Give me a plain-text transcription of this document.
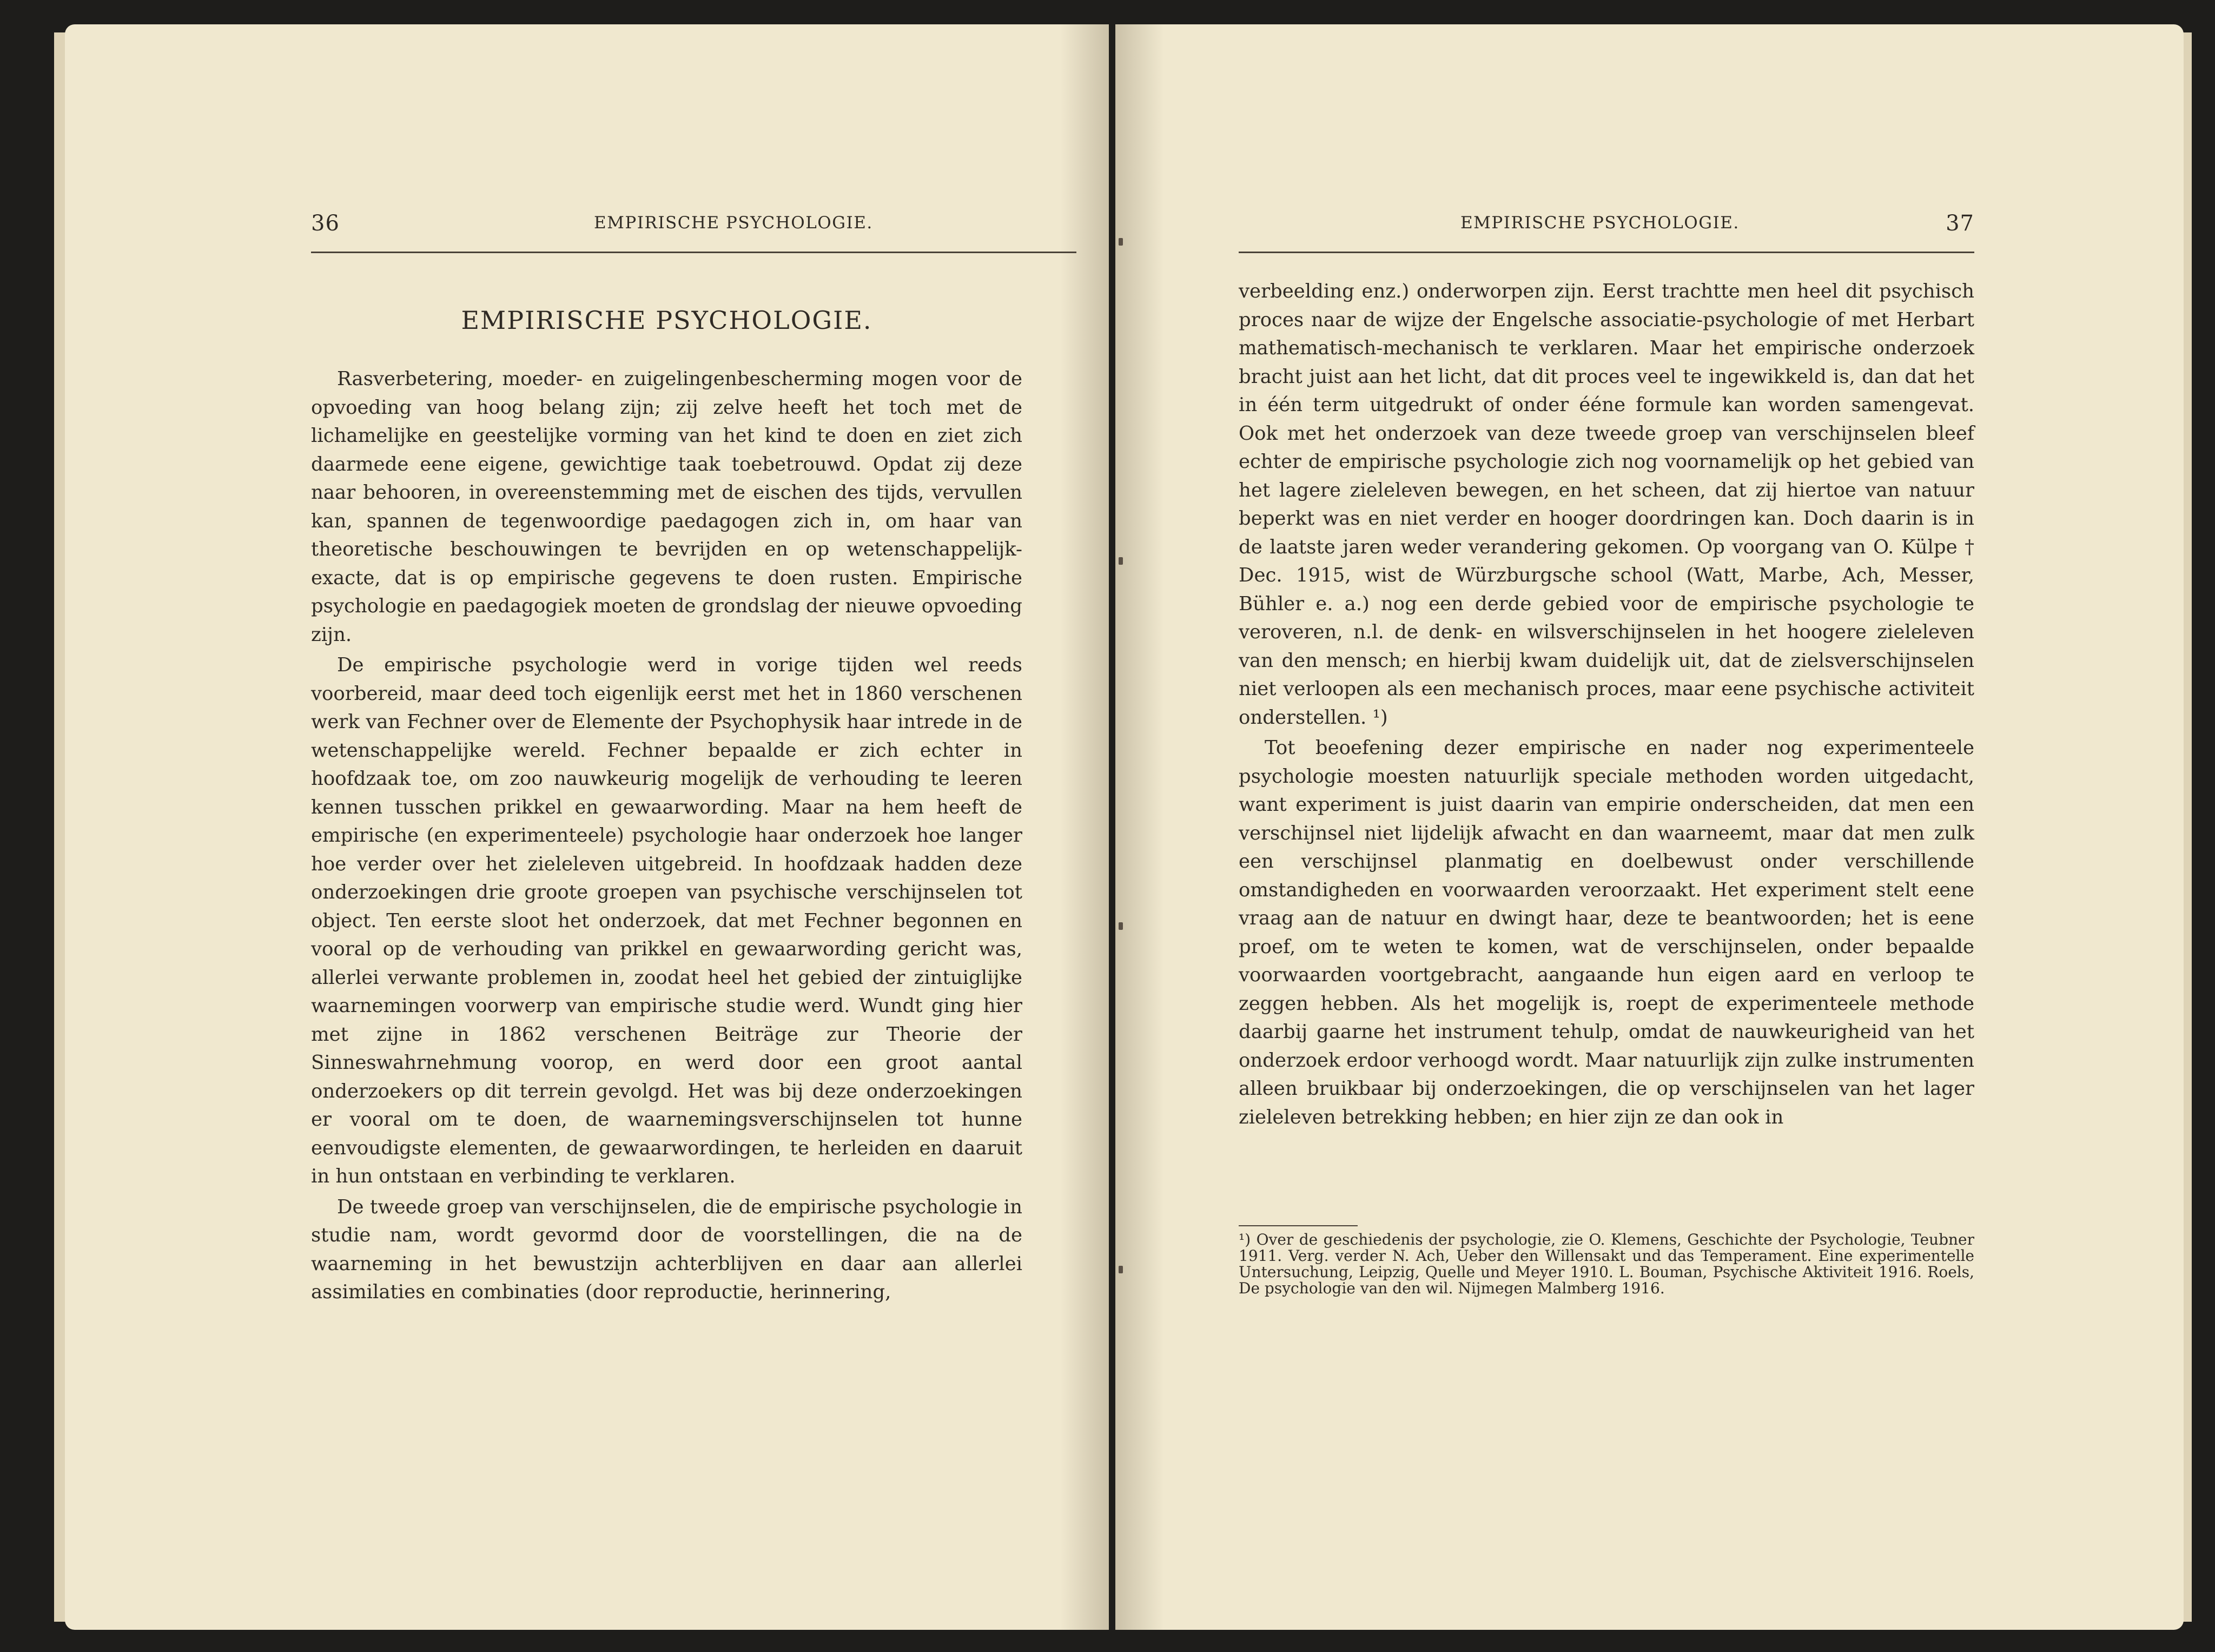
36	EMPIRISCHE PSYCHOLOGIE.
EMPIRISCHE PSYCHOLOGIE.

Rasverbetering, moeder- en zuigelingenbescherming mogen voor de opvoeding van hoog belang zijn; zij zelve heeft het toch met de lichamelijke en geestelijke vorming van het kind te doen en ziet zich daarmede eene eigene, gewichtige taak toebetrouwd. Opdat zij deze naar behooren, in overeenstemming met de eischen des tijds, vervullen kan, spannen de tegenwoordige paedagogen zich in, om haar van theoretische beschouwingen te bevrijden en op wetenschappelijk-exacte, dat is op empirische gegevens te doen rusten. Empirische psychologie en paedagogiek moeten de grondslag der nieuwe opvoeding zijn.

De empirische psychologie werd in vorige tijden wel reeds voorbereid, maar deed toch eigenlijk eerst met het in 1860 verschenen werk van Fechner over de Elemente der Psychophysik haar intrede in de wetenschappelijke wereld. Fechner bepaalde er zich echter in hoofdzaak toe, om zoo nauwkeurig mogelijk de verhouding te leeren kennen tusschen prikkel en gewaarwording. Maar na hem heeft de empirische (en experimenteele) psychologie haar onderzoek hoe langer hoe verder over het zieleleven uitgebreid. In hoofdzaak hadden deze onderzoekingen drie groote groepen van psychische verschijnselen tot object. Ten eerste sloot het onderzoek, dat met Fechner begonnen en vooral op de verhouding van prikkel en gewaarwording gericht was, allerlei verwante problemen in, zoodat heel het gebied der zintuiglijke waarnemingen voorwerp van empirische studie werd. Wundt ging hier met zijne in 1862 verschenen Beiträge zur Theorie der Sinneswahrnehmung voorop, en werd door een groot aantal onderzoekers op dit terrein gevolgd. Het was bij deze onderzoekingen er vooral om te doen, de waarnemingsverschijnselen tot hunne eenvoudigste elementen, de gewaarwordingen, te herleiden en daaruit in hun ontstaan en verbinding te verklaren.

De tweede groep van verschijnselen, die de empirische psychologie in studie nam, wordt gevormd door de voorstellingen, die na de waarneming in het bewustzijn achterblijven en daar aan allerlei assimilaties en combinaties (door reproductie, herinnering,

EMPIRISCHE PSYCHOLOGIE.	37

verbeelding enz.) onderworpen zijn. Eerst trachtte men heel dit psychisch proces naar de wijze der Engelsche associatie-psychologie of met Herbart mathematisch-mechanisch te verklaren. Maar het empirische onderzoek bracht juist aan het licht, dat dit proces veel te ingewikkeld is, dan dat het in één term uitgedrukt of onder ééne formule kan worden samengevat. Ook met het onderzoek van deze tweede groep van verschijnselen bleef echter de empirische psychologie zich nog voornamelijk op het gebied van het lagere zieleleven bewegen, en het scheen, dat zij hiertoe van natuur beperkt was en niet verder en hooger doordringen kan. Doch daarin is in de laatste jaren weder verandering gekomen. Op voorgang van O. Külpe † Dec. 1915, wist de Würzburgsche school (Watt, Marbe, Ach, Messer, Bühler e. a.) nog een derde gebied voor de empirische psychologie te veroveren, n.l. de denk- en wilsverschijnselen in het hoogere zieleleven van den mensch; en hierbij kwam duidelijk uit, dat de zielsverschijnselen niet verloopen als een mechanisch proces, maar eene psychische activiteit onderstellen. ¹)

Tot beoefening dezer empirische en nader nog experimenteele psychologie moesten natuurlijk speciale methoden worden uitgedacht, want experiment is juist daarin van empirie onderscheiden, dat men een verschijnsel niet lijdelijk afwacht en dan waarneemt, maar dat men zulk een verschijnsel planmatig en doelbewust onder verschillende omstandigheden en voorwaarden veroorzaakt. Het experiment stelt eene vraag aan de natuur en dwingt haar, deze te beantwoorden; het is eene proef, om te weten te komen, wat de verschijnselen, onder bepaalde voorwaarden voortgebracht, aangaande hun eigen aard en verloop te zeggen hebben. Als het mogelijk is, roept de experimenteele methode daarbij gaarne het instrument tehulp, omdat de nauwkeurigheid van het onderzoek erdoor verhoogd wordt. Maar natuurlijk zijn zulke instrumenten alleen bruikbaar bij onderzoekingen, die op verschijnselen van het lager zieleleven betrekking hebben; en hier zijn ze dan ook in

¹) Over de geschiedenis der psychologie, zie O. Klemens, Geschichte der Psychologie, Teubner 1911. Verg. verder N. Ach, Ueber den Willensakt und das Temperament. Eine experimentelle Untersuchung, Leipzig, Quelle und Meyer 1910. L. Bouman, Psychische Aktiviteit 1916. Roels, De psychologie van den wil. Nijmegen Malmberg 1916.
